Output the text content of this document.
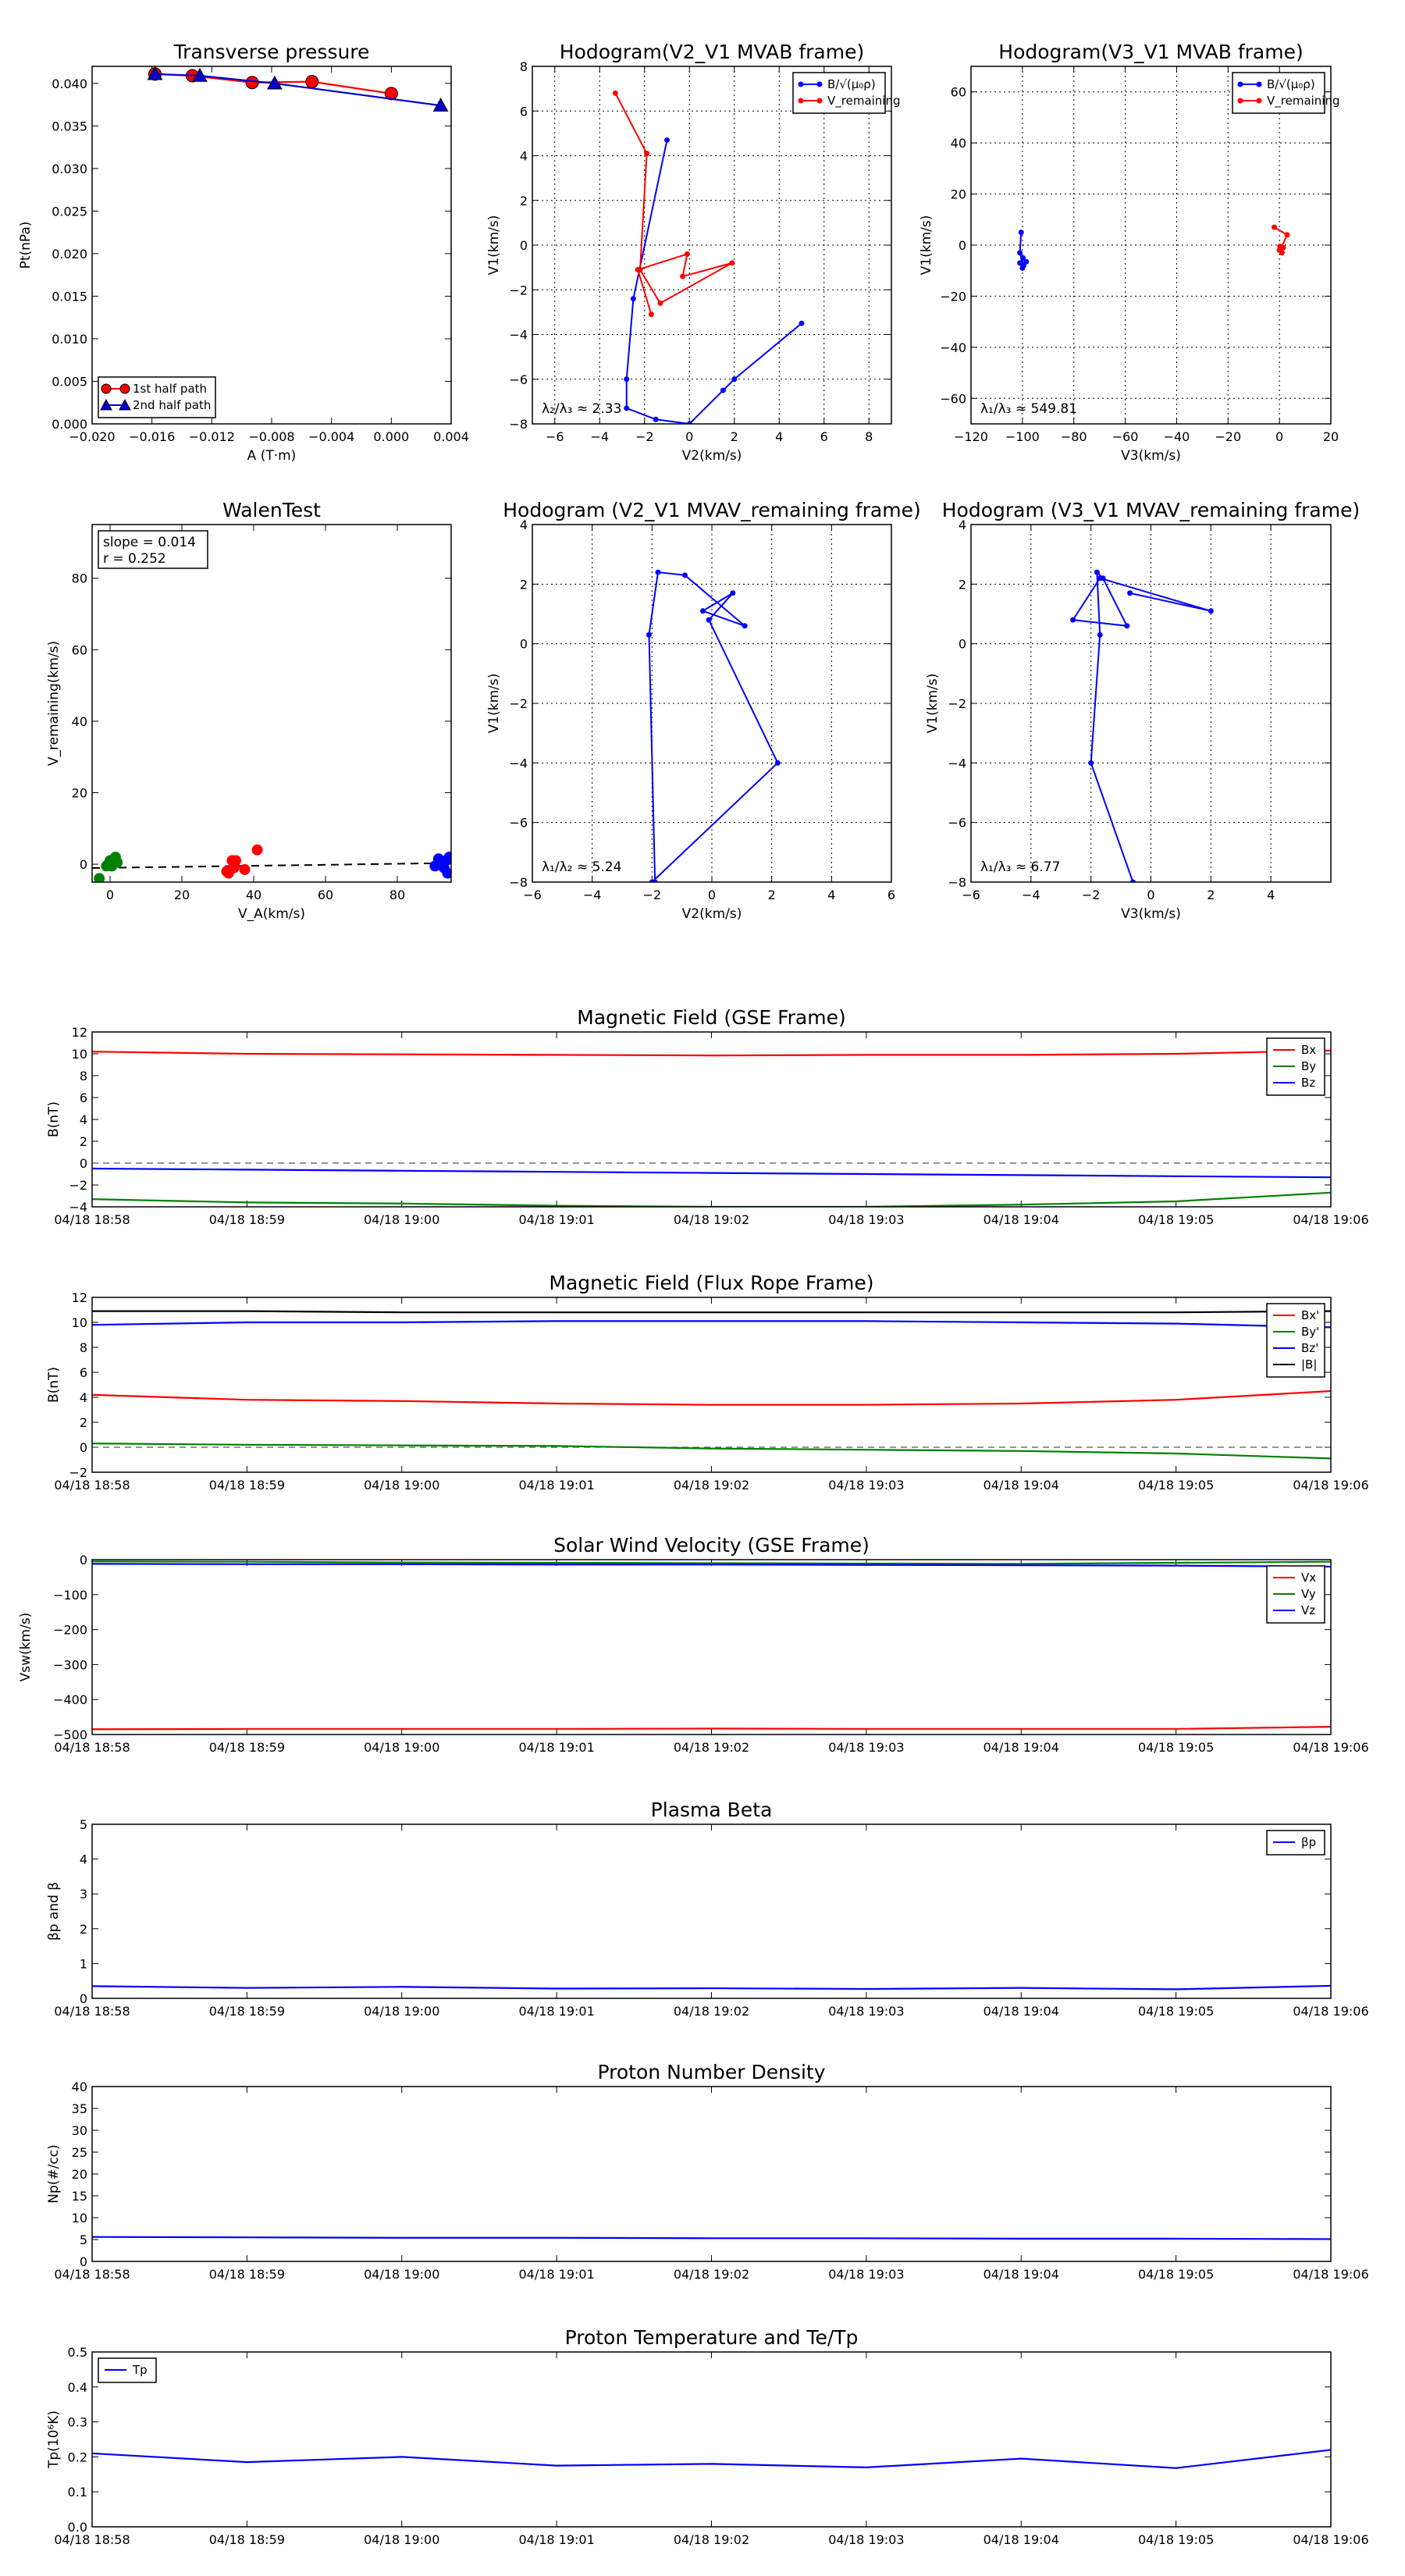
−0.020 −0.016 −0.012 −0.008 −0.004 0.000 0.004
0.000
0.005
0.010
0.015
0.020
0.025
0.030
0.035
0.040
Transverse pressure
A (T·m)
Pt(nPa)
1st half path
2nd half path
−6 −4 −2	0	2	4	6	8
−8
−6
−4
−2
0
2
4
6
8
Hodogram(V2_V1 MVAB frame)
V2(km/s)
V1(km/s)
λ₂/λ₃ ≈ 2.33
B/√(μ₀ρ)
V_remaining
−120 −100 −80 −60 −40 −20	0	20
−60
−40
−20
0
20
40
60
Hodogram(V3_V1 MVAB frame)
V3(km/s)
V1(km/s)
λ₁/λ₃ ≈ 549.81
B/√(μ₀ρ)
V_remaining
0	20	40	60	80
0
20
40
60
80
WalenTest
V_A(km/s)
V_remaining(km/s)
slope = 0.014
r = 0.252
−6	−4	−2	0	2	4	6
−8
−6
−4
−2
0
2
4
Hodogram (V2_V1 MVAV_remaining frame)
V2(km/s)
V1(km/s)
λ₁/λ₂ ≈ 5.24
−6	−4	−2	0	2	4
−8
−6
−4
−2
0
2
4
Hodogram (V3_V1 MVAV_remaining frame)
V3(km/s)
V1(km/s)
λ₁/λ₃ ≈ 6.77
04/18 18:58	04/18 18:59	04/18 19:00	04/18 19:01	04/18 19:02	04/18 19:03	04/18 19:04	04/18 19:05	04/18 19:06
−4
−2
0
2
4
6
8
10
12
Magnetic Field (GSE Frame)
B(nT)
Bx
By
Bz
04/18 18:58	04/18 18:59	04/18 19:00	04/18 19:01	04/18 19:02	04/18 19:03	04/18 19:04	04/18 19:05	04/18 19:06
−2
0
2
4
6
8
10
12
Magnetic Field (Flux Rope Frame)
B(nT)
Bx'
By'
Bz'
|B|
04/18 18:58	04/18 18:59	04/18 19:00	04/18 19:01	04/18 19:02	04/18 19:03	04/18 19:04	04/18 19:05	04/18 19:06
−500
−400
−300
−200
−100
0
Solar Wind Velocity (GSE Frame)
Vsw(km/s)
Vx
Vy
Vz
04/18 18:58	04/18 18:59	04/18 19:00	04/18 19:01	04/18 19:02	04/18 19:03	04/18 19:04	04/18 19:05	04/18 19:06
0
1
2
3
4
5
Plasma Beta
βp and β
βp
04/18 18:58	04/18 18:59	04/18 19:00	04/18 19:01	04/18 19:02	04/18 19:03	04/18 19:04	04/18 19:05	04/18 19:06
0
5
10
15
20
25
30
35
40
Proton Number Density
Np(#/cc)
04/18 18:58	04/18 18:59	04/18 19:00	04/18 19:01	04/18 19:02	04/18 19:03	04/18 19:04	04/18 19:05	04/18 19:06
0.0
0.1
0.2
0.3
0.4
0.5
Proton Temperature and Te/Tp
Tp(10⁶K)
Tp
